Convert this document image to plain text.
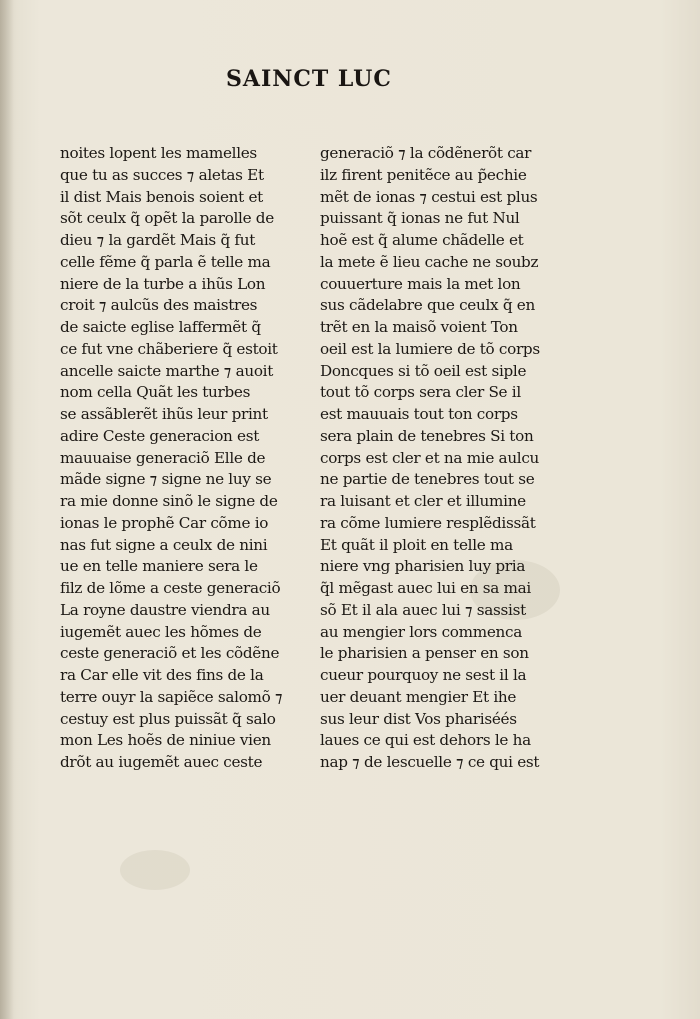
SAINCT LUC
noites lopent les mamelles
que tu as succes ⁊ aletas Et
il dist Mais benois soient et
sõt ceulx q̃ opẽt la parolle de
dieu ⁊ la gardẽt Mais q̃ fut
celle fẽme q̃ parla ẽ telle ma
niere de la turbe a ihũs Lon
croit ⁊ aulcũs des maistres
de saicte eglise laffermẽt q̃
ce fut vne chãberiere q̃ estoit
ancelle saicte marthe ⁊ auoit
nom cella Quãt les turbes
se assãblerẽt ihũs leur print
adire Ceste generacion est
mauuaise generaciõ Elle de
mãde signe ⁊ signe ne luy se
ra mie donne sinõ le signe de
ionas le prophẽ Car cõme io
nas fut signe a ceulx de nini
ue en telle maniere sera le
filz de lõme a ceste generaciõ
La royne daustre viendra au
iugemẽt auec les hõmes de
ceste generaciõ et les cõdẽne
ra Car elle vit des fins de la
terre ouyr la sapiẽce salomõ ⁊
cestuy est plus puissãt q̃ salo
mon Les hoẽs de niniue vien
drõt au iugemẽt auec ceste
generaciõ ⁊ la cõdẽnerõt car
ilz firent penitẽce au p̃echie
mẽt de ionas ⁊ cestui est plus
puissant q̃ ionas ne fut Nul
hoẽ est q̃ alume chãdelle et
la mete ẽ lieu cache ne soubz
couuerture mais la met lon
sus cãdelabre que ceulx q̃ en
trẽt en la maisõ voient Ton
oeil est la lumiere de tõ corps
Doncques si tõ oeil est siple
tout tõ corps sera cler Se il
est mauuais tout ton corps
sera plain de tenebres Si ton
corps est cler et na mie aulcu
ne partie de tenebres tout se
ra luisant et cler et illumine
ra cõme lumiere resplẽdissãt
Et quãt il ploit en telle ma
niere vng pharisien luy pria
q̃l mẽgast auec lui en sa mai
sõ Et il ala auec lui ⁊ sassist
au mengier lors commenca
le pharisien a penser en son
cueur pourquoy ne sest il la
uer deuant mengier Et ihe
sus leur dist Vos phariséés
laues ce qui est dehors le ha
nap ⁊ de lescuelle ⁊ ce qui est
